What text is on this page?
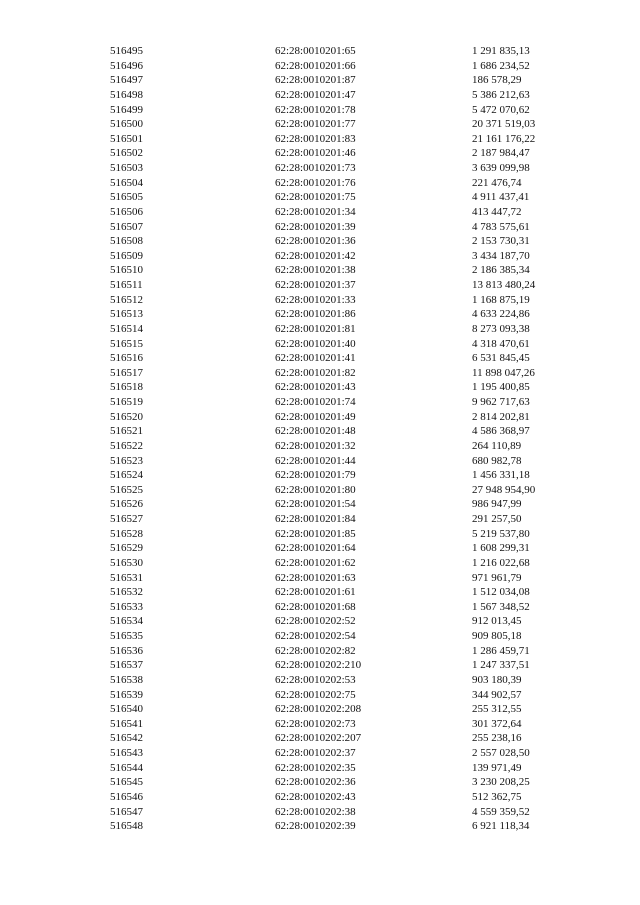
516495	62:28:0010201:65	1 291 835,13
516496	62:28:0010201:66	1 686 234,52
516497	62:28:0010201:87	186 578,29
516498	62:28:0010201:47	5 386 212,63
516499	62:28:0010201:78	5 472 070,62
516500	62:28:0010201:77	20 371 519,03
516501	62:28:0010201:83	21 161 176,22
516502	62:28:0010201:46	2 187 984,47
516503	62:28:0010201:73	3 639 099,98
516504	62:28:0010201:76	221 476,74
516505	62:28:0010201:75	4 911 437,41
516506	62:28:0010201:34	413 447,72
516507	62:28:0010201:39	4 783 575,61
516508	62:28:0010201:36	2 153 730,31
516509	62:28:0010201:42	3 434 187,70
516510	62:28:0010201:38	2 186 385,34
516511	62:28:0010201:37	13 813 480,24
516512	62:28:0010201:33	1 168 875,19
516513	62:28:0010201:86	4 633 224,86
516514	62:28:0010201:81	8 273 093,38
516515	62:28:0010201:40	4 318 470,61
516516	62:28:0010201:41	6 531 845,45
516517	62:28:0010201:82	11 898 047,26
516518	62:28:0010201:43	1 195 400,85
516519	62:28:0010201:74	9 962 717,63
516520	62:28:0010201:49	2 814 202,81
516521	62:28:0010201:48	4 586 368,97
516522	62:28:0010201:32	264 110,89
516523	62:28:0010201:44	680 982,78
516524	62:28:0010201:79	1 456 331,18
516525	62:28:0010201:80	27 948 954,90
516526	62:28:0010201:54	986 947,99
516527	62:28:0010201:84	291 257,50
516528	62:28:0010201:85	5 219 537,80
516529	62:28:0010201:64	1 608 299,31
516530	62:28:0010201:62	1 216 022,68
516531	62:28:0010201:63	971 961,79
516532	62:28:0010201:61	1 512 034,08
516533	62:28:0010201:68	1 567 348,52
516534	62:28:0010202:52	912 013,45
516535	62:28:0010202:54	909 805,18
516536	62:28:0010202:82	1 286 459,71
516537	62:28:0010202:210	1 247 337,51
516538	62:28:0010202:53	903 180,39
516539	62:28:0010202:75	344 902,57
516540	62:28:0010202:208	255 312,55
516541	62:28:0010202:73	301 372,64
516542	62:28:0010202:207	255 238,16
516543	62:28:0010202:37	2 557 028,50
516544	62:28:0010202:35	139 971,49
516545	62:28:0010202:36	3 230 208,25
516546	62:28:0010202:43	512 362,75
516547	62:28:0010202:38	4 559 359,52
516548	62:28:0010202:39	6 921 118,34
